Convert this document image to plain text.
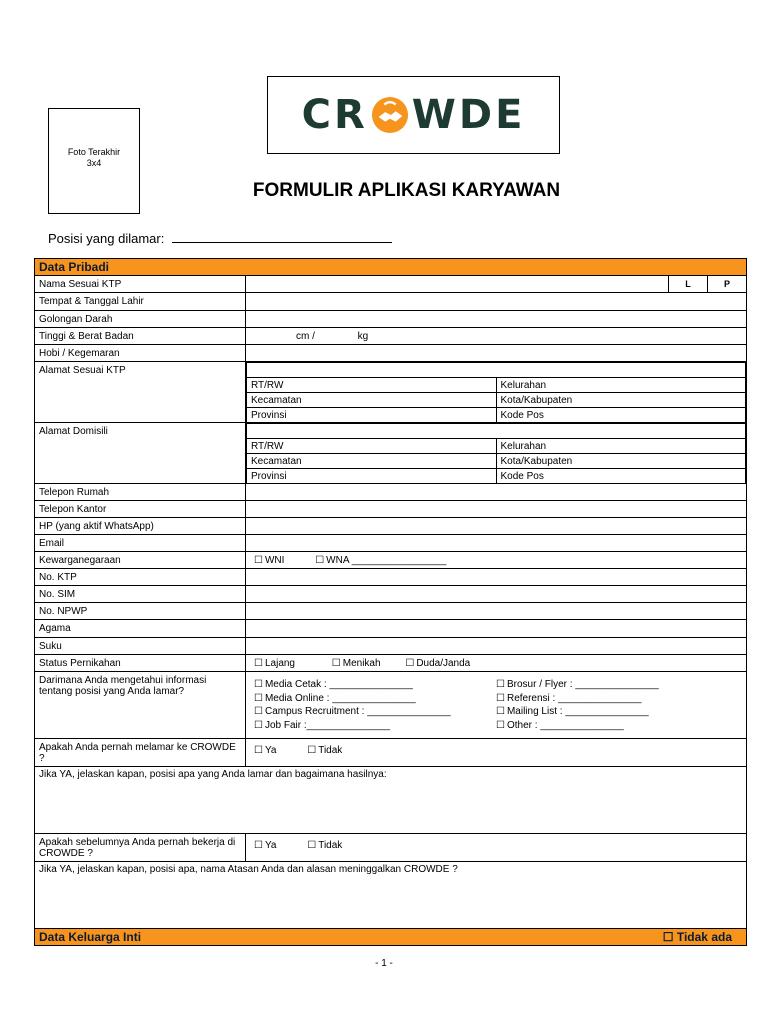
Foto Terakhir
3x4
CR WDE
FORMULIR APLIKASI KARYAWAN
Posisi yang dilamar:
Data Pribadi
Nama Sesuai KTP	
		L	P

Tempat & Tanggal Lahir	
Golongan Darah	
Tinggi & Berat Badan	cm /	kg
Hobi / Kegemaran	
Alamat Sesuai KTP	

RT/RW	Kelurahan
Kecamatan	Kota/Kabupaten
Provinsi	Kode Pos

Alamat Domisili	

RT/RW	Kelurahan
Kecamatan	Kota/Kabupaten
Provinsi	Kode Pos

Telepon Rumah	
Telepon Kantor	
HP (yang aktif WhatsApp)	
Email	
Kewarganegaraan	☐ WNI	☐ WNA _________________
No. KTP	
No. SIM	
No. NPWP	
Agama	
Suku	
Status Pernikahan	☐ Lajang	☐ Menikah ☐ Duda/Janda
Darimana Anda mengetahui informasi tentang posisi yang Anda lamar?	
☐ Media Cetak : _______________
☐ Media Online : _______________
☐ Campus Recruitment : _______________
☐ Job Fair :_______________
☐ Brosur / Flyer : _______________
☐ Referensi : _______________
☐ Mailing List : _______________
☐ Other : _______________

Apakah Anda pernah melamar ke CROWDE ?	☐ Ya	☐ Tidak
Jika YA, jelaskan kapan, posisi apa yang Anda lamar dan bagaimana hasilnya:
Apakah sebelumnya Anda pernah bekerja di CROWDE ?	☐ Ya	☐ Tidak
Jika YA, jelaskan kapan, posisi apa, nama Atasan Anda dan alasan meninggalkan CROWDE ?
Data Keluarga Inti	☐ Tidak ada
- 1 -
